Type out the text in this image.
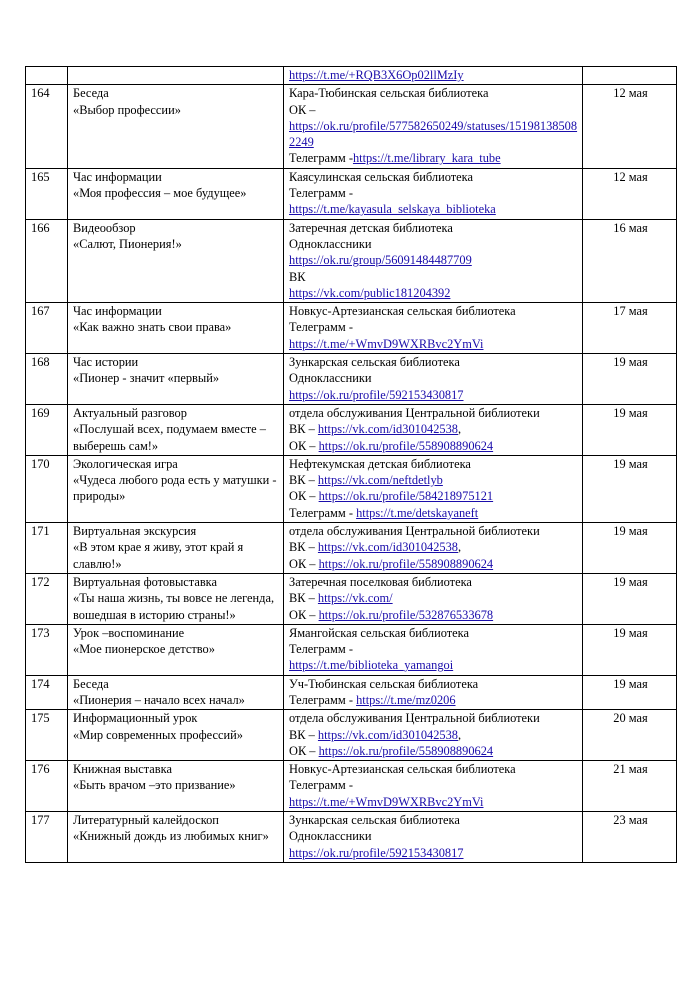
		https://t.me/+RQB3X6Op02llMzIy	

164	Беседа
«Выбор профессии»	Кара-Тюбинская сельская библиотека
ОК –
https://ok.ru/profile/577582650249/statuses/151981385082249
Телеграмм -https://t.me/library_kara_tube	12 мая
165	Час информации
«Моя профессия – мое будущее»	Каясулинская сельская библиотека
Телеграмм -
https://t.me/kayasula_selskaya_biblioteka	12 мая
166	Видеообзор
«Салют, Пионерия!»	Затеречная детская библиотека
Одноклассники
https://ok.ru/group/56091484487709
ВК
https://vk.com/public181204392	16 мая
167	Час информации
«Как важно знать свои права»	Новкус-Артезианская сельская библиотека
Телеграмм -
https://t.me/+WmvD9WXRBvc2YmVi	17 мая
168	Час истории
«Пионер - значит «первый»	Зункарская сельская библиотека
Одноклассники
https://ok.ru/profile/592153430817	19 мая
169	Актуальный разговор
«Послушай всех, подумаем вместе – выберешь сам!»	отдела обслуживания Центральной библиотеки
ВК – https://vk.com/id301042538,
ОК – https://ok.ru/profile/558908890624	19 мая
170	Экологическая игра
«Чудеса любого рода есть у матушки - природы»	Нефтекумская детская библиотека
ВК – https://vk.com/neftdetlyb
ОК – https://ok.ru/profile/584218975121
Телеграмм - https://t.me/detskayaneft	19 мая
171	Виртуальная экскурсия
«В этом крае я живу, этот край я славлю!»	отдела обслуживания Центральной библиотеки
ВК – https://vk.com/id301042538,
ОК – https://ok.ru/profile/558908890624	19 мая
172	Виртуальная фотовыставка
«Ты наша жизнь, ты вовсе не легенда, вошедшая в историю страны!»	Затеречная поселковая библиотека
ВК – https://vk.com/
ОК – https://ok.ru/profile/532876533678	19 мая
173	Урок –воспоминание
«Мое пионерское детство»	Ямангойская сельская библиотека
Телеграмм -
https://t.me/biblioteka_yamangoi	19 мая
174	Беседа
«Пионерия – начало всех начал»	Уч-Тюбинская сельская библиотека
Телеграмм - https://t.me/mz0206	19 мая
175	Информационный урок
«Мир современных профессий»	отдела обслуживания Центральной библиотеки
ВК – https://vk.com/id301042538,
ОК – https://ok.ru/profile/558908890624	20 мая
176	Книжная выставка
«Быть врачом –это призвание»	Новкус-Артезианская сельская библиотека
Телеграмм -
https://t.me/+WmvD9WXRBvc2YmVi	21 мая
177	Литературный калейдоскоп
«Книжный дождь из любимых книг»	Зункарская сельская библиотека
Одноклассники
https://ok.ru/profile/592153430817	23 мая
